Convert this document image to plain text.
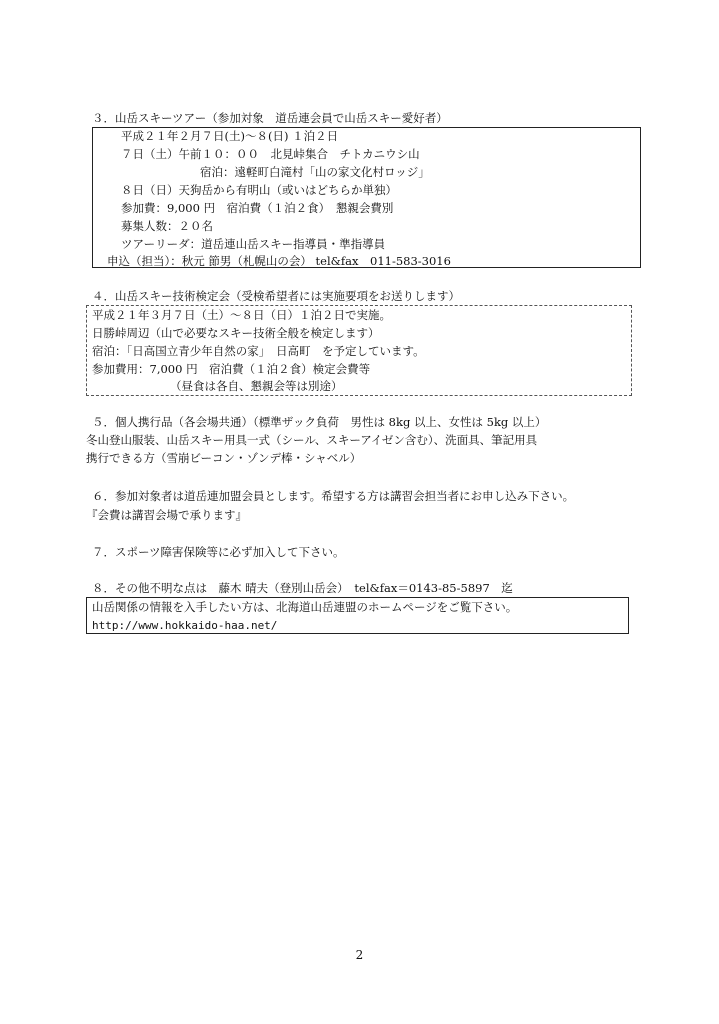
３．山岳スキーツアー（参加対象　道岳連会員で山岳スキー愛好者）
平成２１年２月７日(土)～８(日) １泊２日
７日（土）午前１０：００　北見峠集合　チトカニウシ山
宿泊：遠軽町白滝村「山の家文化村ロッジ」
８日（日）天狗岳から有明山（或いはどちらか単独）
参加費：9,000 円　宿泊費（１泊２食）　懇親会費別
募集人数：２０名
ツアーリーダ：道岳連山岳スキー指導員・準指導員
申込（担当）：秋元 節男（札幌山の会） tel&fax　011-583-3016
４．山岳スキー技術検定会（受検希望者には実施要項をお送りします）
平成２１年３月７日（土）～８日（日）１泊２日で実施。
日勝峠周辺（山で必要なスキー技術全般を検定します）
宿泊：「日高国立青少年自然の家」　日高町　を予定しています。
参加費用：7,000 円　宿泊費（１泊２食）検定会費等
（昼食は各自、懇親会等は別途）
５．個人携行品（各会場共通）（標準ザック負荷　男性は 8kg 以上、女性は 5kg 以上）
冬山登山服装、山岳スキー用具一式（シール、スキーアイゼン含む）、洗面具、筆記用具
携行できる方（雪崩ビーコン・ゾンデ棒・シャベル）
６．参加対象者は道岳連加盟会員とします。希望する方は講習会担当者にお申し込み下さい。
『会費は講習会場で承ります』
７．スポーツ障害保険等に必ず加入して下さい。
８．その他不明な点は　藤木 晴夫（登別山岳会）　tel&fax＝0143-85-5897　迄
山岳関係の情報を入手したい方は、北海道山岳連盟のホームページをご覧下さい。
http://www.hokkaido-haa.net/
2
